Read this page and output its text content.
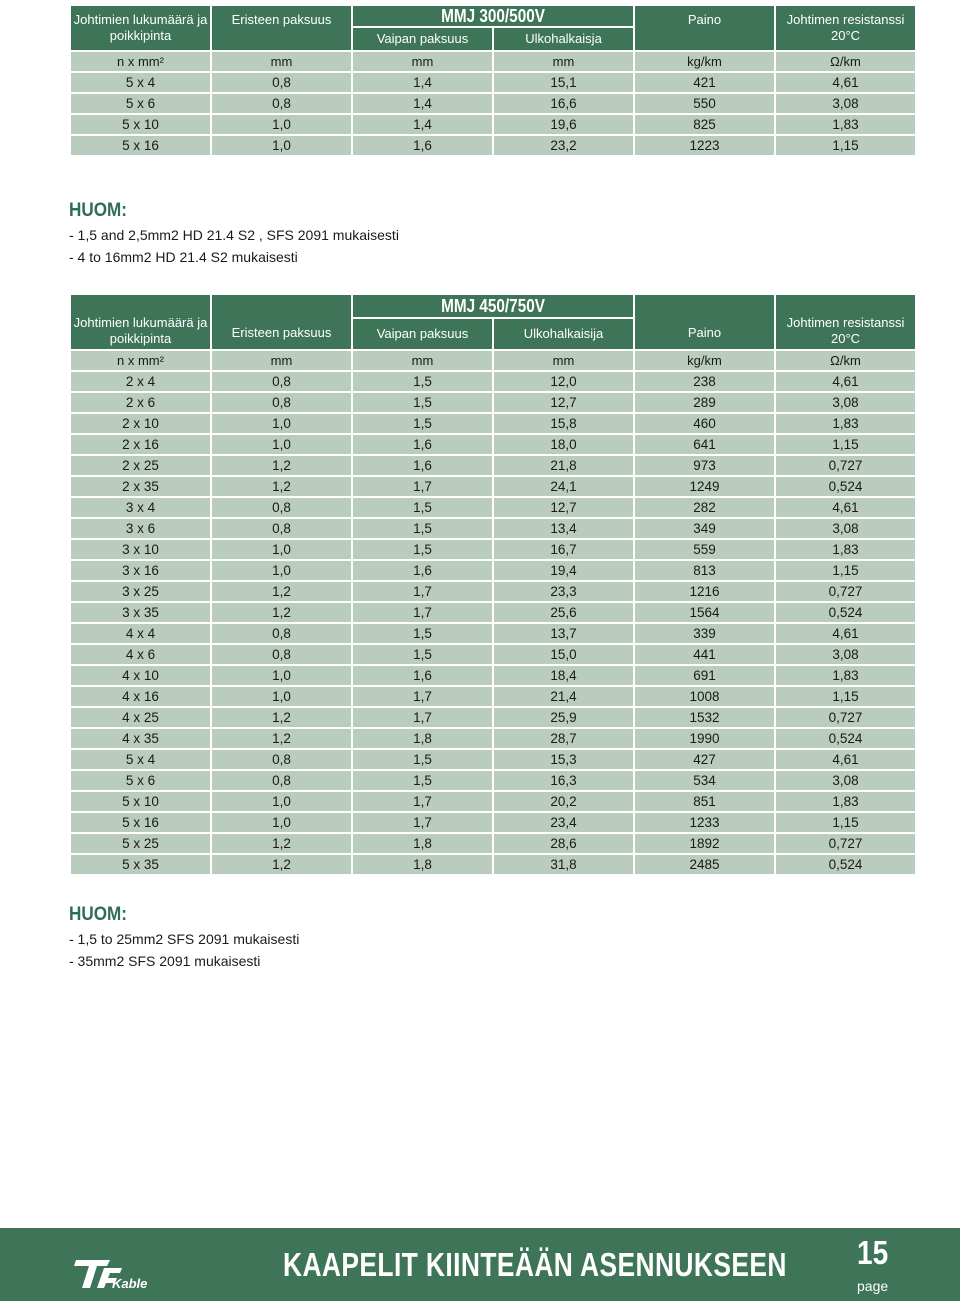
Johtimien lukumäärä ja poikkipinta	Eristeen paksuus	MMJ 300/500V		Paino	Johtimen resistanssi 20°C
		Vaipan paksuus	Ulkohalkaisja		
n x mm²	mm	mm	mm	kg/km	Ω/km
5 x 4	0,8	1,4	15,1	421	4,61
5 x 6	0,8	1,4	16,6	550	3,08
5 x 10	1,0	1,4	19,6	825	1,83
5 x 16	1,0	1,6	23,2	1223	1,15
HUOM:
- 1,5 and 2,5mm2 HD 21.4 S2 , SFS 2091 mukaisesti
- 4 to 16mm2 HD 21.4 S2 mukaisesti
Johtimien lukumäärä ja poikkipinta	Eristeen paksuus	MMJ 450/750V		Paino	Johtimen resistanssi 20°C
		Vaipan paksuus	Ulkohalkaisija		
n x mm²	mm	mm	mm	kg/km	Ω/km
2 x 4	0,8	1,5	12,0	238	4,61
2 x 6	0,8	1,5	12,7	289	3,08
2 x 10	1,0	1,5	15,8	460	1,83
2 x 16	1,0	1,6	18,0	641	1,15
2 x 25	1,2	1,6	21,8	973	0,727
2 x 35	1,2	1,7	24,1	1249	0,524
3 x 4	0,8	1,5	12,7	282	4,61
3 x 6	0,8	1,5	13,4	349	3,08
3 x 10	1,0	1,5	16,7	559	1,83
3 x 16	1,0	1,6	19,4	813	1,15
3 x 25	1,2	1,7	23,3	1216	0,727
3 x 35	1,2	1,7	25,6	1564	0,524
4 x 4	0,8	1,5	13,7	339	4,61
4 x 6	0,8	1,5	15,0	441	3,08
4 x 10	1,0	1,6	18,4	691	1,83
4 x 16	1,0	1,7	21,4	1008	1,15
4 x 25	1,2	1,7	25,9	1532	0,727
4 x 35	1,2	1,8	28,7	1990	0,524
5 x 4	0,8	1,5	15,3	427	4,61
5 x 6	0,8	1,5	16,3	534	3,08
5 x 10	1,0	1,7	20,2	851	1,83
5 x 16	1,0	1,7	23,4	1233	1,15
5 x 25	1,2	1,8	28,6	1892	0,727
5 x 35	1,2	1,8	31,8	2485	0,524
HUOM:
- 1,5 to 25mm2 SFS 2091 mukaisesti
- 35mm2 SFS 2091 mukaisesti
Kable
KAAPELIT KIINTEÄÄN ASENNUKSEEN 15
page
